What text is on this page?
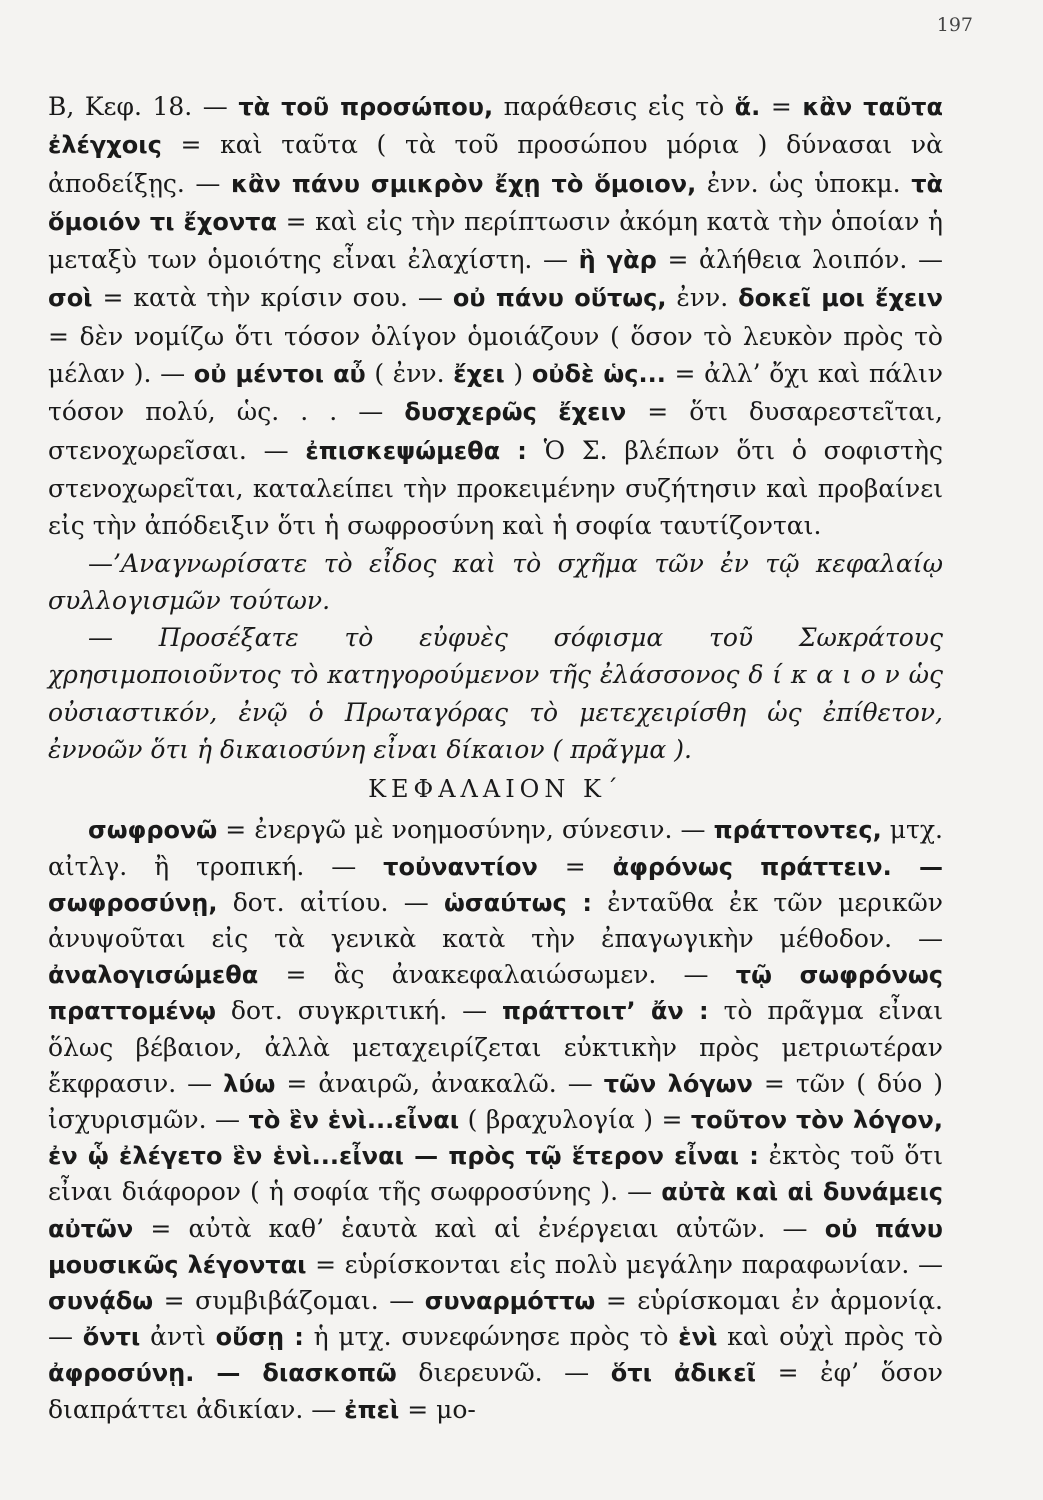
197

Β, Κεφ. 18. — τὰ τοῦ προσώπου, παράθεσις εἰς τὸ ἅ. = κἂν ταῦτα ἐλέγχοις = καὶ ταῦτα ( τὰ τοῦ προσώπου μόρια ) δύνασαι νὰ ἀποδείξῃς. — κἂν πάνυ σμικρὸν ἔχῃ τὸ ὅμοιον, ἐνν. ὡς ὑποκμ. τὰ ὅμοιόν τι ἔχοντα = καὶ εἰς τὴν περίπτωσιν ἀκόμη κατὰ τὴν ὁποίαν ἡ μεταξὺ των ὁμοιότης εἶναι ἐλαχίστη. — ἣ γὰρ = ἀλήθεια λοιπόν. — σοὶ = κατὰ τὴν κρίσιν σου. — οὐ πάνυ οὕτως, ἐνν. δοκεῖ μοι ἔχειν = δὲν νομίζω ὅτι τόσον ὀλίγον ὁμοιάζουν ( ὅσον τὸ λευκὸν πρὸς τὸ μέλαν ). — οὐ μέντοι αὖ ( ἐνν. ἔχει ) οὐδὲ ὡς... = ἀλλ’ ὄχι καὶ πάλιν τόσον πολύ, ὡς. . . — δυσχερῶς ἔχειν = ὅτι δυσαρεστεῖται, στενοχωρεῖσαι. — ἐπισκεψώμεθα : Ὁ Σ. βλέπων ὅτι ὁ σοφιστὴς στενοχωρεῖται, καταλείπει τὴν προκειμένην συζήτησιν καὶ προβαίνει εἰς τὴν ἀπόδειξιν ὅτι ἡ σωφροσύνη καὶ ἡ σοφία ταυτίζονται.

—’Αναγνωρίσατε τὸ εἶδος καὶ τὸ σχῆμα τῶν ἐν τῷ κεφαλαίῳ συλλογισμῶν τούτων.

— Προσέξατε τὸ εὐφυὲς σόφισμα τοῦ Σωκράτους χρησιμοποιοῦντος τὸ κατηγορούμενον τῆς ἐλάσσονος δ ί κ α ι ο ν ὡς οὐσιαστικόν, ἐνῷ ὁ Πρωταγόρας τὸ μετεχειρίσθη ὡς ἐπίθετον, ἐννοῶν ὅτι ἡ δικαιοσύνη εἶναι δίκαιον ( πρᾶγμα ).

ΚΕΦΑΛΑΙΟΝ Κ΄

σωφρονῶ = ἐνεργῶ μὲ νοημοσύνην, σύνεσιν. — πράττοντες, μτχ. αἰτλγ. ἢ τροπική. — τοὐναντίον = ἀφρόνως πράττειν. — σωφροσύνῃ, δοτ. αἰτίου. — ὡσαύτως : ἐνταῦθα ἐκ τῶν μερικῶν ἀνυψοῦται εἰς τὰ γενικὰ κατὰ τὴν ἐπαγωγικὴν μέθοδον. — ἀναλογισώμεθα = ἃς ἀνακεφαλαιώσωμεν. — τῷ σωφρόνως πραττομένῳ δοτ. συγκριτική. — πράττοιτ’ ἄν : τὸ πρᾶγμα εἶναι ὅλως βέβαιον, ἀλλὰ μεταχειρίζεται εὐκτικὴν πρὸς μετριωτέραν ἔκφρασιν. — λύω = ἀναιρῶ, ἀνακαλῶ. — τῶν λόγων = τῶν ( δύο ) ἰσχυρισμῶν. — τὸ ἓν ἑνὶ...εἶναι ( βραχυλογία ) = τοῦτον τὸν λόγον, ἐν ᾧ ἐλέγετο ἓν ἑνὶ...εἶναι — πρὸς τῷ ἕτερον εἶναι : ἐκτὸς τοῦ ὅτι εἶναι διάφορον ( ἡ σοφία τῆς σωφροσύνης ). — αὐτὰ καὶ αἱ δυνάμεις αὐτῶν = αὐτὰ καθ’ ἑαυτὰ καὶ αἱ ἐνέργειαι αὐτῶν. — οὐ πάνυ μουσικῶς λέγονται = εὑρίσκονται εἰς πολὺ μεγάλην παραφωνίαν. — συνᾴδω = συμβιβάζομαι. — συναρμόττω = εὑρίσκομαι ἐν ἁρμονίᾳ. — ὄντι ἀντὶ οὔσῃ : ἡ μτχ. συνεφώνησε πρὸς τὸ ἑνὶ καὶ οὐχὶ πρὸς τὸ ἀφροσύνῃ. — διασκοπῶ διερευνῶ. — ὅτι ἀδικεῖ = ἐφ’ ὅσον διαπράττει ἀδικίαν. — ἐπεὶ = μο-
